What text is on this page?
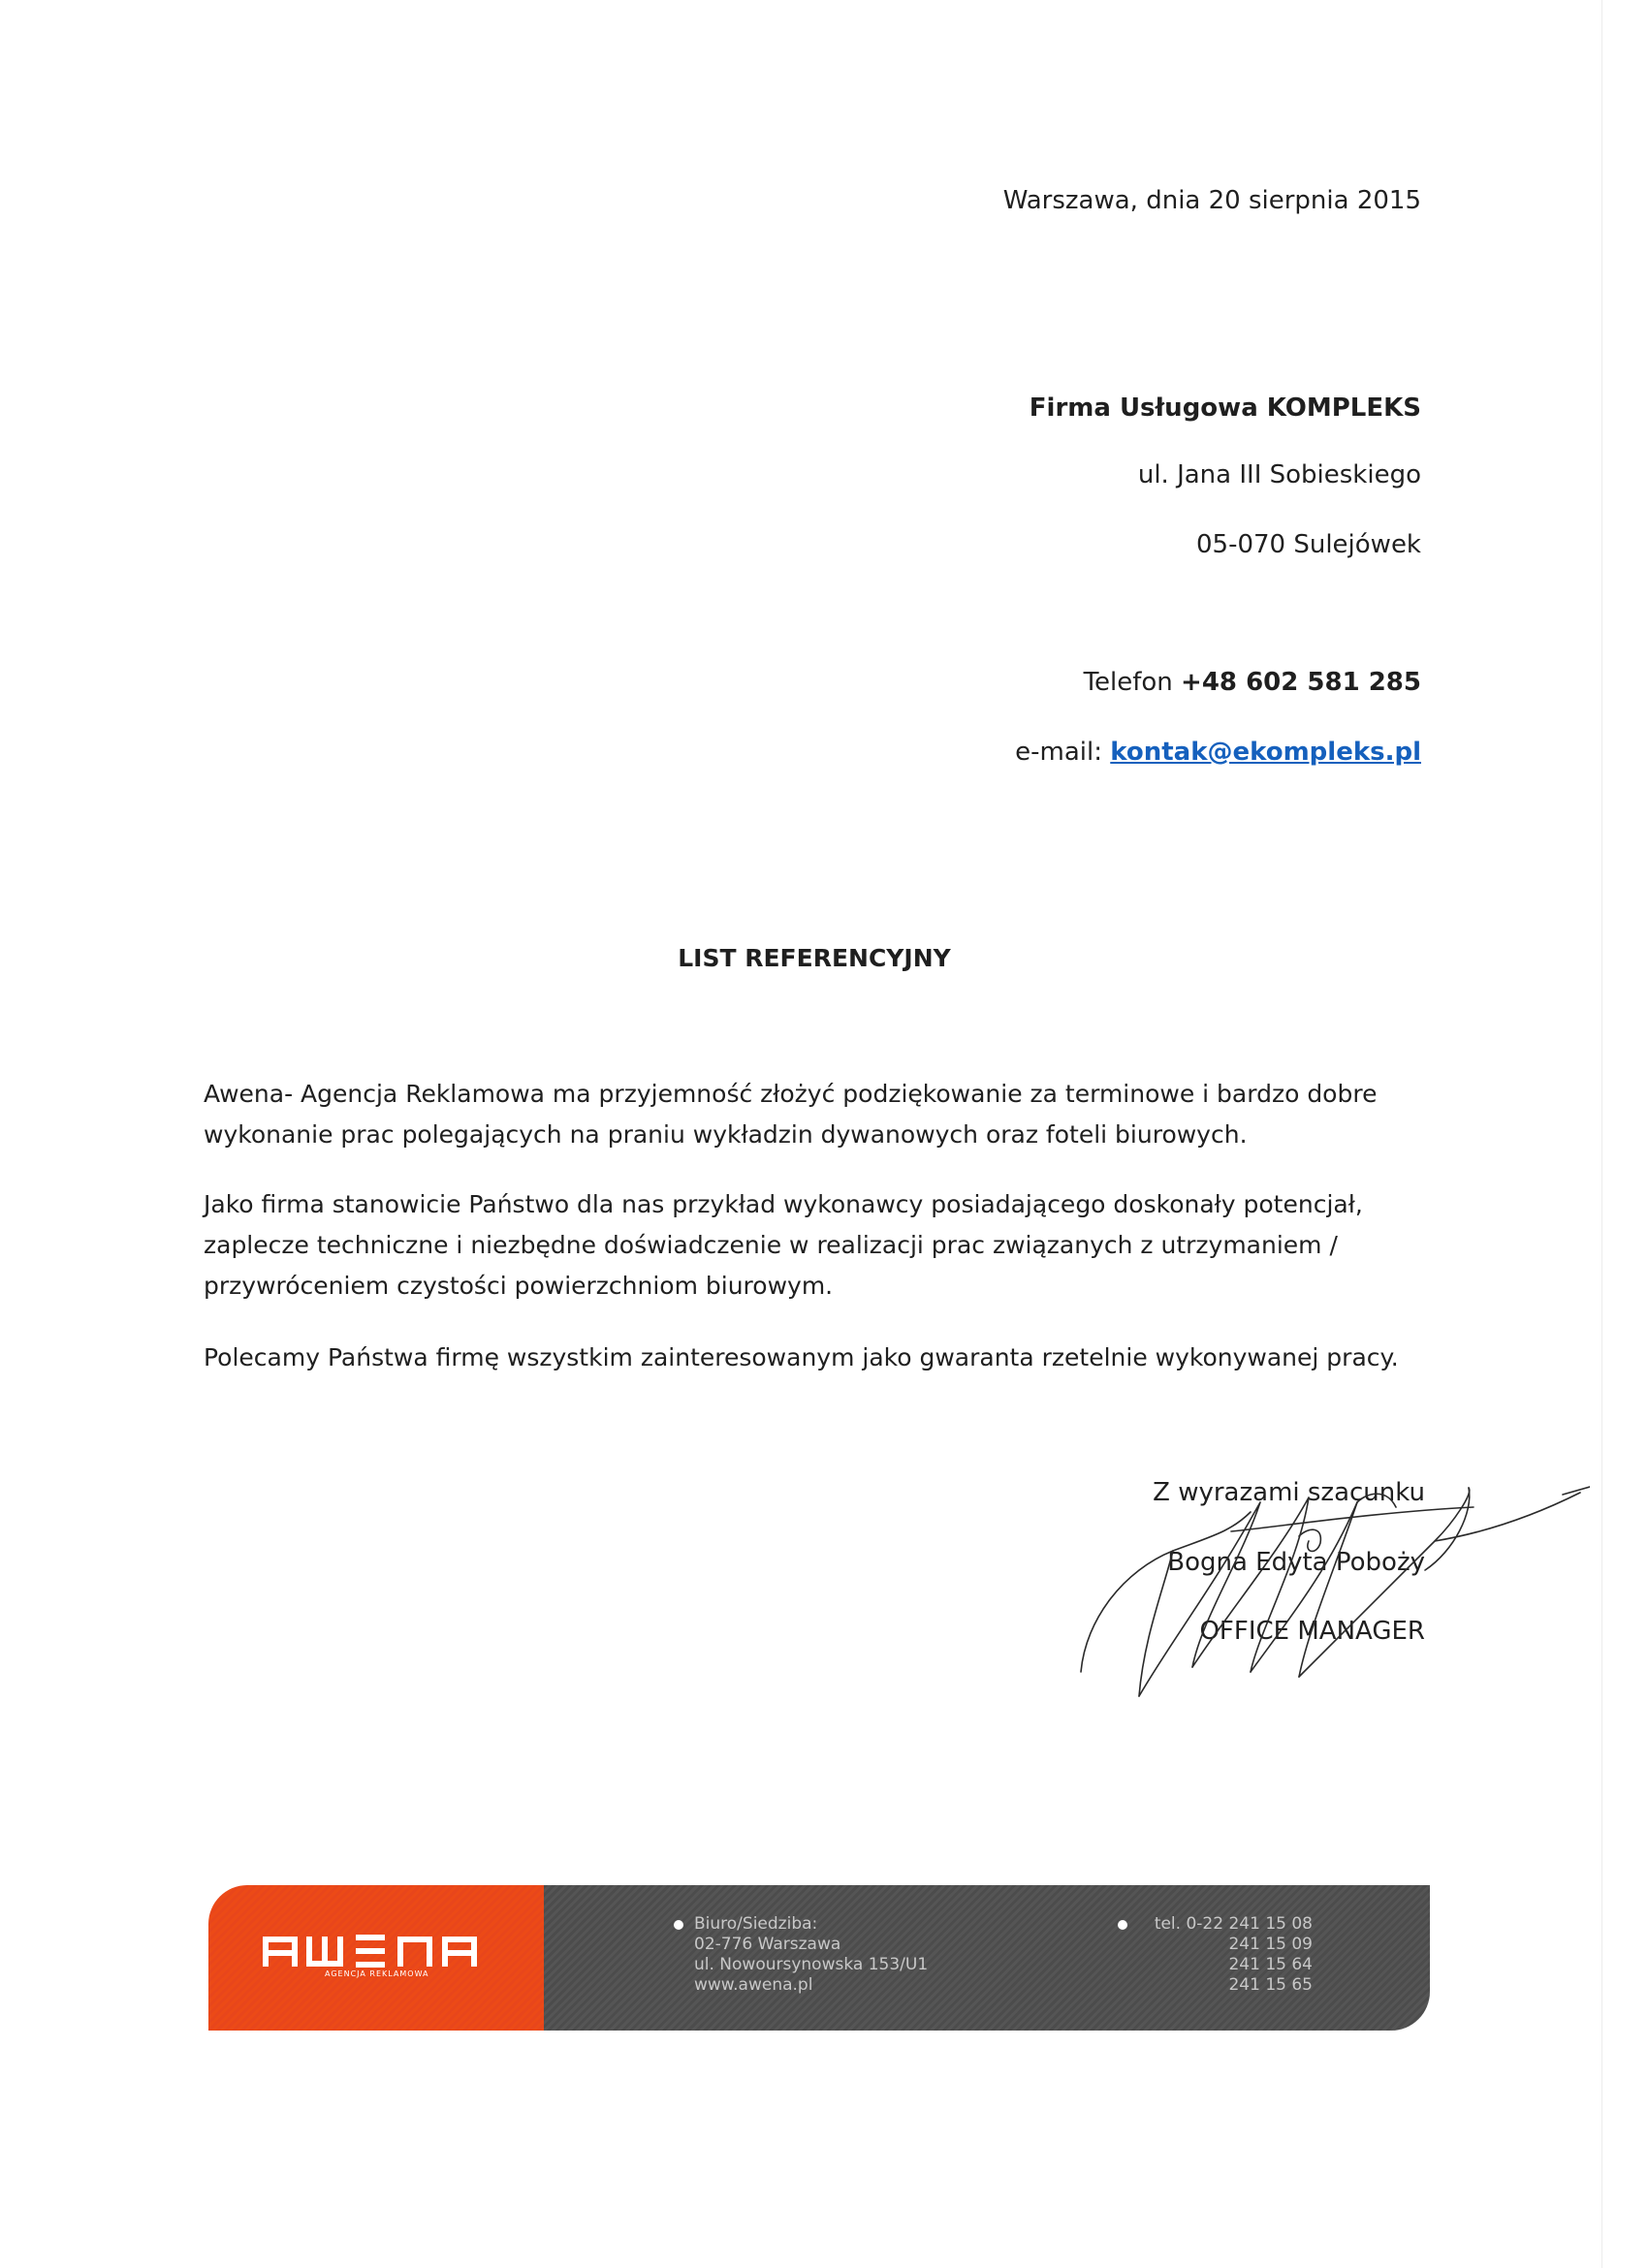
Warszawa, dnia 20 sierpnia 2015
Firma Usługowa KOMPLEKS
ul. Jana III Sobieskiego
05-070 Sulejówek
Telefon +48 602 581 285
e-mail: kontak@ekompleks.pl
LIST REFERENCYJNY

Awena- Agencja Reklamowa ma przyjemność złożyć podziękowanie za terminowe i bardzo dobre wykonanie prac polegających na praniu wykładzin dywanowych oraz foteli biurowych.

Jako firma stanowicie Państwo dla nas przykład wykonawcy posiadającego doskonały potencjał, zaplecze techniczne i niezbędne doświadczenie w realizacji prac związanych z utrzymaniem / przywróceniem czystości powierzchniom biurowym.

Polecamy Państwa firmę wszystkim zainteresowanym jako gwaranta rzetelnie wykonywanej pracy.

Z wyrazami szacunku
Bogna Edyta Poboży
OFFICE MANAGER
AGENCJA REKLAMOWA
Biuro/Siedziba:
02-776 Warszawa
ul. Nowoursynowska 153/U1
www.awena.pl
tel. 0-22 241 15 08
241 15 09
241 15 64
241 15 65
